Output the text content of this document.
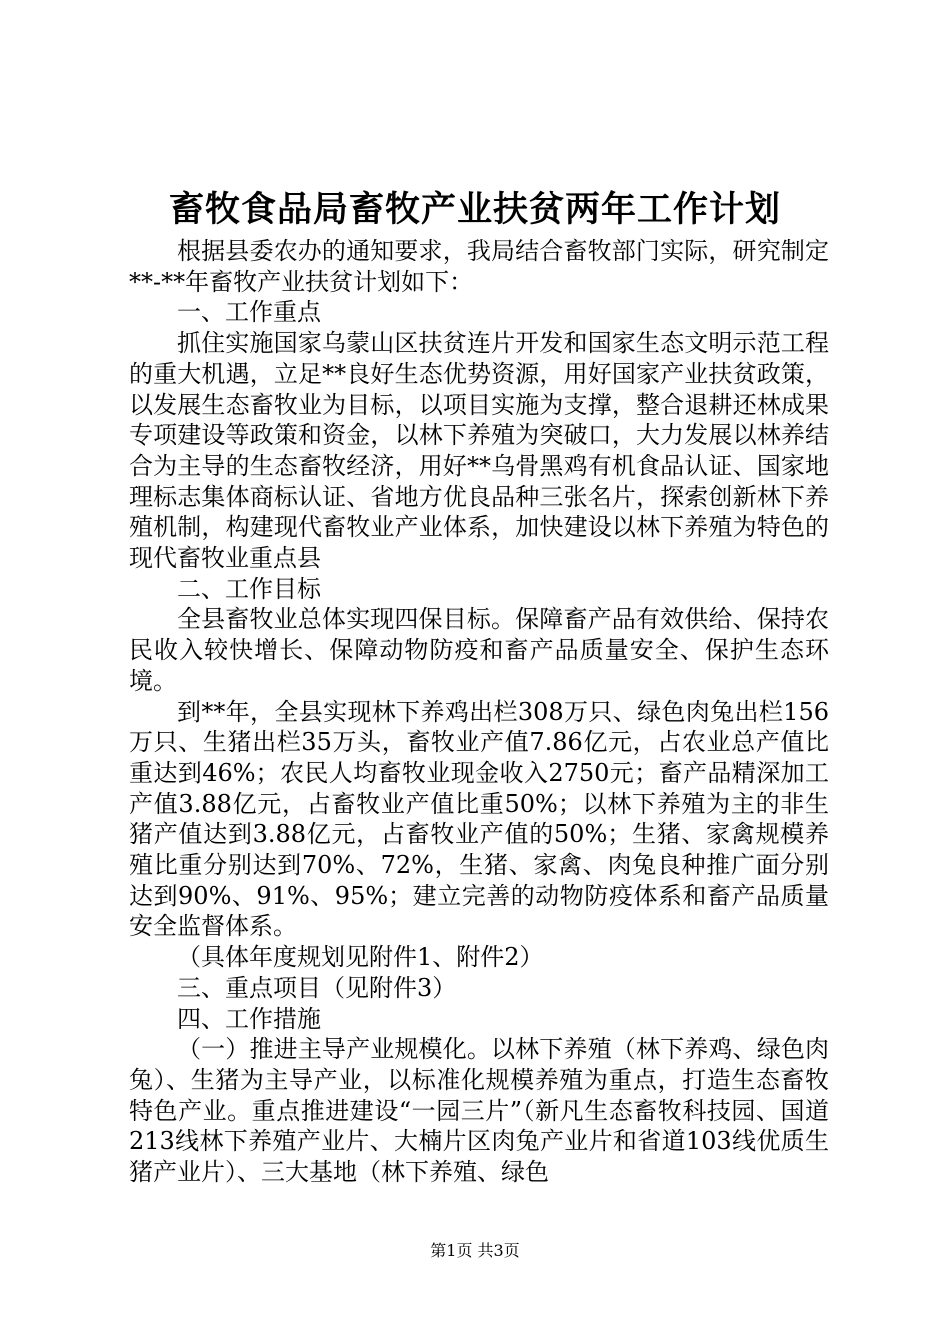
畜牧食品局畜牧产业扶贫两年工作计划

根据县委农办的通知要求，我局结合畜牧部门实际，研究制定**-**年畜牧产业扶贫计划如下：

一、工作重点

抓住实施国家乌蒙山区扶贫连片开发和国家生态文明示范工程的重大机遇，立足**良好生态优势资源，用好国家产业扶贫政策，以发展生态畜牧业为目标，以项目实施为支撑，整合退耕还林成果专项建设等政策和资金，以林下养殖为突破口，大力发展以林养结合为主导的生态畜牧经济，用好**乌骨黑鸡有机食品认证、国家地理标志集体商标认证、省地方优良品种三张名片，探索创新林下养殖机制，构建现代畜牧业产业体系，加快建设以林下养殖为特色的现代畜牧业重点县

二、工作目标

全县畜牧业总体实现四保目标。保障畜产品有效供给、保持农民收入较快增长、保障动物防疫和畜产品质量安全、保护生态环境。

到**年，全县实现林下养鸡出栏308万只、绿色肉兔出栏156万只、生猪出栏35万头，畜牧业产值7.86亿元，占农业总产值比重达到46%；农民人均畜牧业现金收入2750元；畜产品精深加工产值3.88亿元，占畜牧业产值比重50%；以林下养殖为主的非生猪产值达到3.88亿元，占畜牧业产值的50%；生猪、家禽规模养殖比重分别达到70%、72%，生猪、家禽、肉兔良种推广面分别达到90%、91%、95%；建立完善的动物防疫体系和畜产品质量安全监督体系。

（具体年度规划见附件1、附件2）

三、重点项目（见附件3）

四、工作措施

（一）推进主导产业规模化。以林下养殖（林下养鸡、绿色肉兔）、生猪为主导产业，以标准化规模养殖为重点，打造生态畜牧特色产业。重点推进建设“一园三片”（新凡生态畜牧科技园、国道213线林下养殖产业片、大楠片区肉兔产业片和省道103线优质生猪产业片）、三大基地（林下养殖、绿色

第1页 共3页
